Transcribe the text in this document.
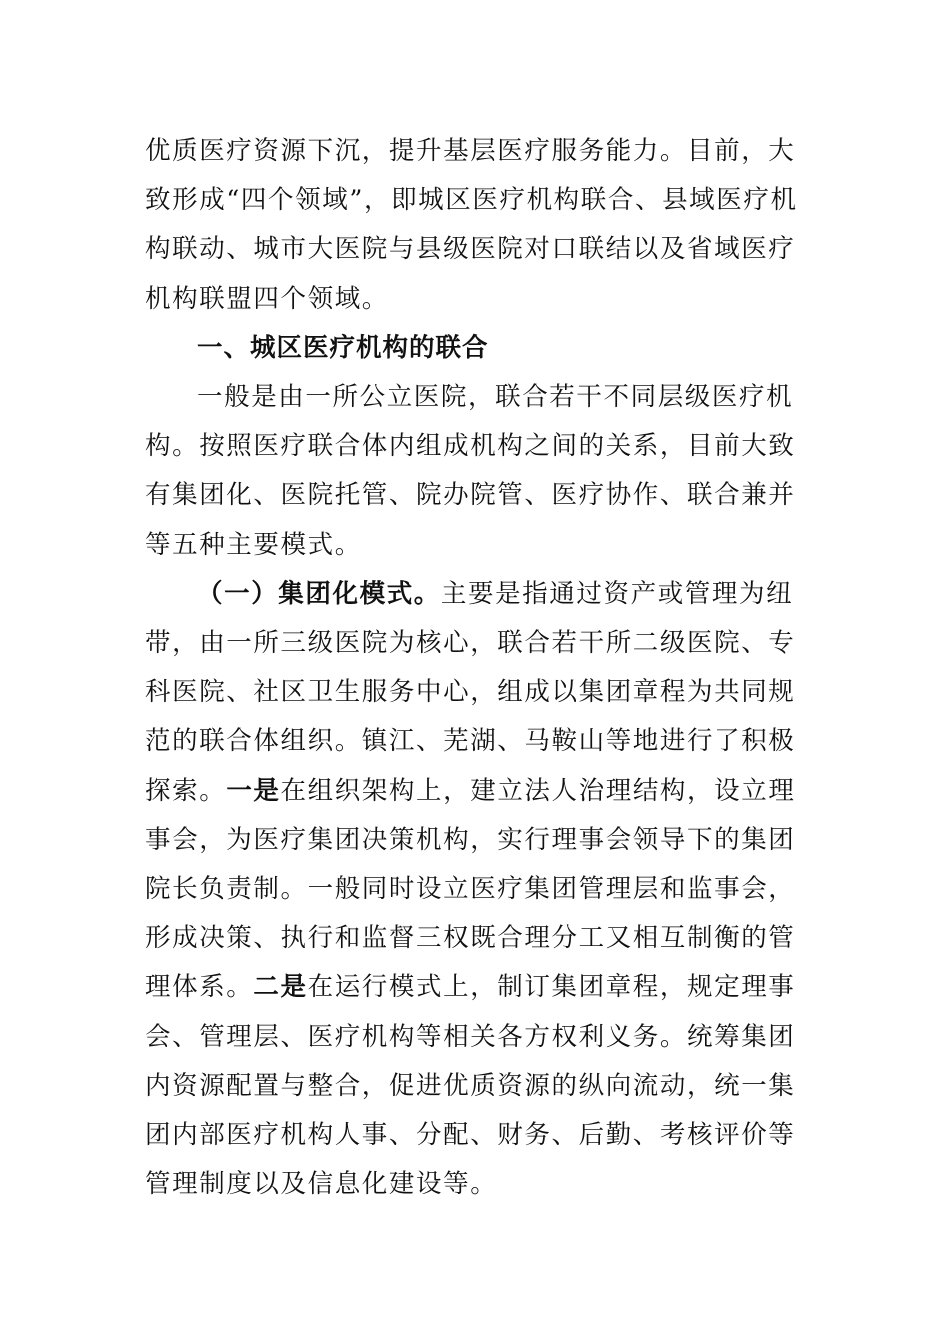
优质医疗资源下沉，提升基层医疗服务能力。目前，大致形成“四个领域”，即城区医疗机构联合、县域医疗机构联动、城市大医院与县级医院对口联结以及省域医疗机构联盟四个领域。

一、城区医疗机构的联合

一般是由一所公立医院，联合若干不同层级医疗机构。按照医疗联合体内组成机构之间的关系，目前大致有集团化、医院托管、院办院管、医疗协作、联合兼并等五种主要模式。

（一）集团化模式。主要是指通过资产或管理为纽带，由一所三级医院为核心，联合若干所二级医院、专科医院、社区卫生服务中心，组成以集团章程为共同规范的联合体组织。镇江、芜湖、马鞍山等地进行了积极探索。一是在组织架构上，建立法人治理结构，设立理事会，为医疗集团决策机构，实行理事会领导下的集团院长负责制。一般同时设立医疗集团管理层和监事会，形成决策、执行和监督三权既合理分工又相互制衡的管理体系。二是在运行模式上，制订集团章程，规定理事会、管理层、医疗机构等相关各方权利义务。统筹集团内资源配置与整合，促进优质资源的纵向流动，统一集团内部医疗机构人事、分配、财务、后勤、考核评价等管理制度以及信息化建设等。
